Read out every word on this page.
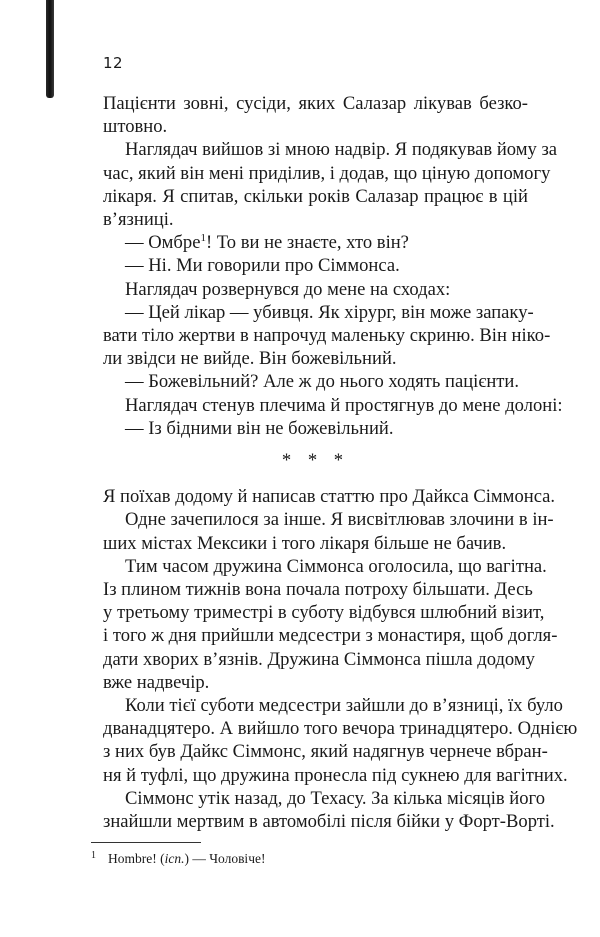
12
Пацієнти зовні, сусіди, яких Салазар лікував безко-
штовно.
Наглядач вийшов зі мною надвір. Я подякував йому за
час, який він мені приділив, і додав, що ціную допомогу
лікаря. Я спитав, скільки років Салазар працює в цій
в’язниці.
— Омбре$^1$! То ви не знаєте, хто він?
— Ні. Ми говорили про Сіммонса.
Наглядач розвернувся до мене на сходах:
— Цей лікар — убивця. Як хірург, він може запаку-
вати тіло жертви в напрочуд маленьку скриню. Він ніко-
ли звідси не вийде. Він божевільний.
— Божевільний? Але ж до нього ходять пацієнти.
Наглядач стенув плечима й простягнув до мене долоні:
— Із бідними він не божевільний.
* * *
Я поїхав додому й написав статтю про Дайкса Сіммонса.
Одне зачепилося за інше. Я висвітлював злочини в ін-
ших містах Мексики і того лікаря більше не бачив.
Тим часом дружина Сіммонса оголосила, що вагітна.
Із плином тижнів вона почала потроху більшати. Десь
у третьому триместрі в суботу відбувся шлюбний візит,
і того ж дня прийшли медсестри з монастиря, щоб догля-
дати хворих в’язнів. Дружина Сіммонса пішла додому
вже надвечір.
Коли тієї суботи медсестри зайшли до в’язниці, їх було
дванадцятеро. А вийшло того вечора тринадцятеро. Однією
з них був Дайкс Сіммонс, який надягнув чернече вбран-
ня й туфлі, що дружина пронесла під сукнею для вагітних.
Сіммонс утік назад, до Техасу. За кілька місяців його
знайшли мертвим в автомобілі після бійки у Форт-Ворті.
$^1$ Hombre! (ісп.) — Чоловіче!
